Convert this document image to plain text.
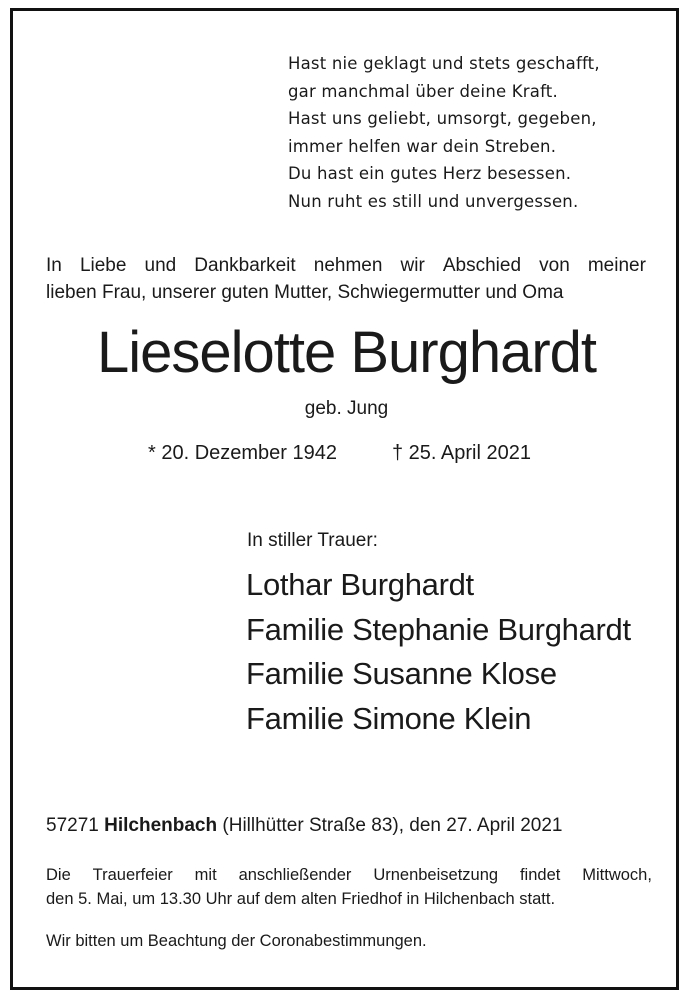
Hast nie geklagt und stets geschafft,
gar manchmal über deine Kraft.
Hast uns geliebt, umsorgt, gegeben,
immer helfen war dein Streben.
Du hast ein gutes Herz besessen.
Nun ruht es still und unvergessen.
In Liebe und Dankbarkeit nehmen wir Abschied von meiner
lieben Frau, unserer guten Mutter, Schwiegermutter und Oma
Lieselotte Burghardt
geb. Jung
* 20. Dezember 1942	† 25. April 2021
In stiller Trauer:
Lothar Burghardt
Familie Stephanie Burghardt
Familie Susanne Klose
Familie Simone Klein
57271 Hilchenbach (Hillhütter Straße 83), den 27. April 2021
Die Trauerfeier mit anschließender Urnenbeisetzung findet Mittwoch,
den 5. Mai, um 13.30 Uhr auf dem alten Friedhof in Hilchenbach statt.
Wir bitten um Beachtung der Coronabestimmungen.
